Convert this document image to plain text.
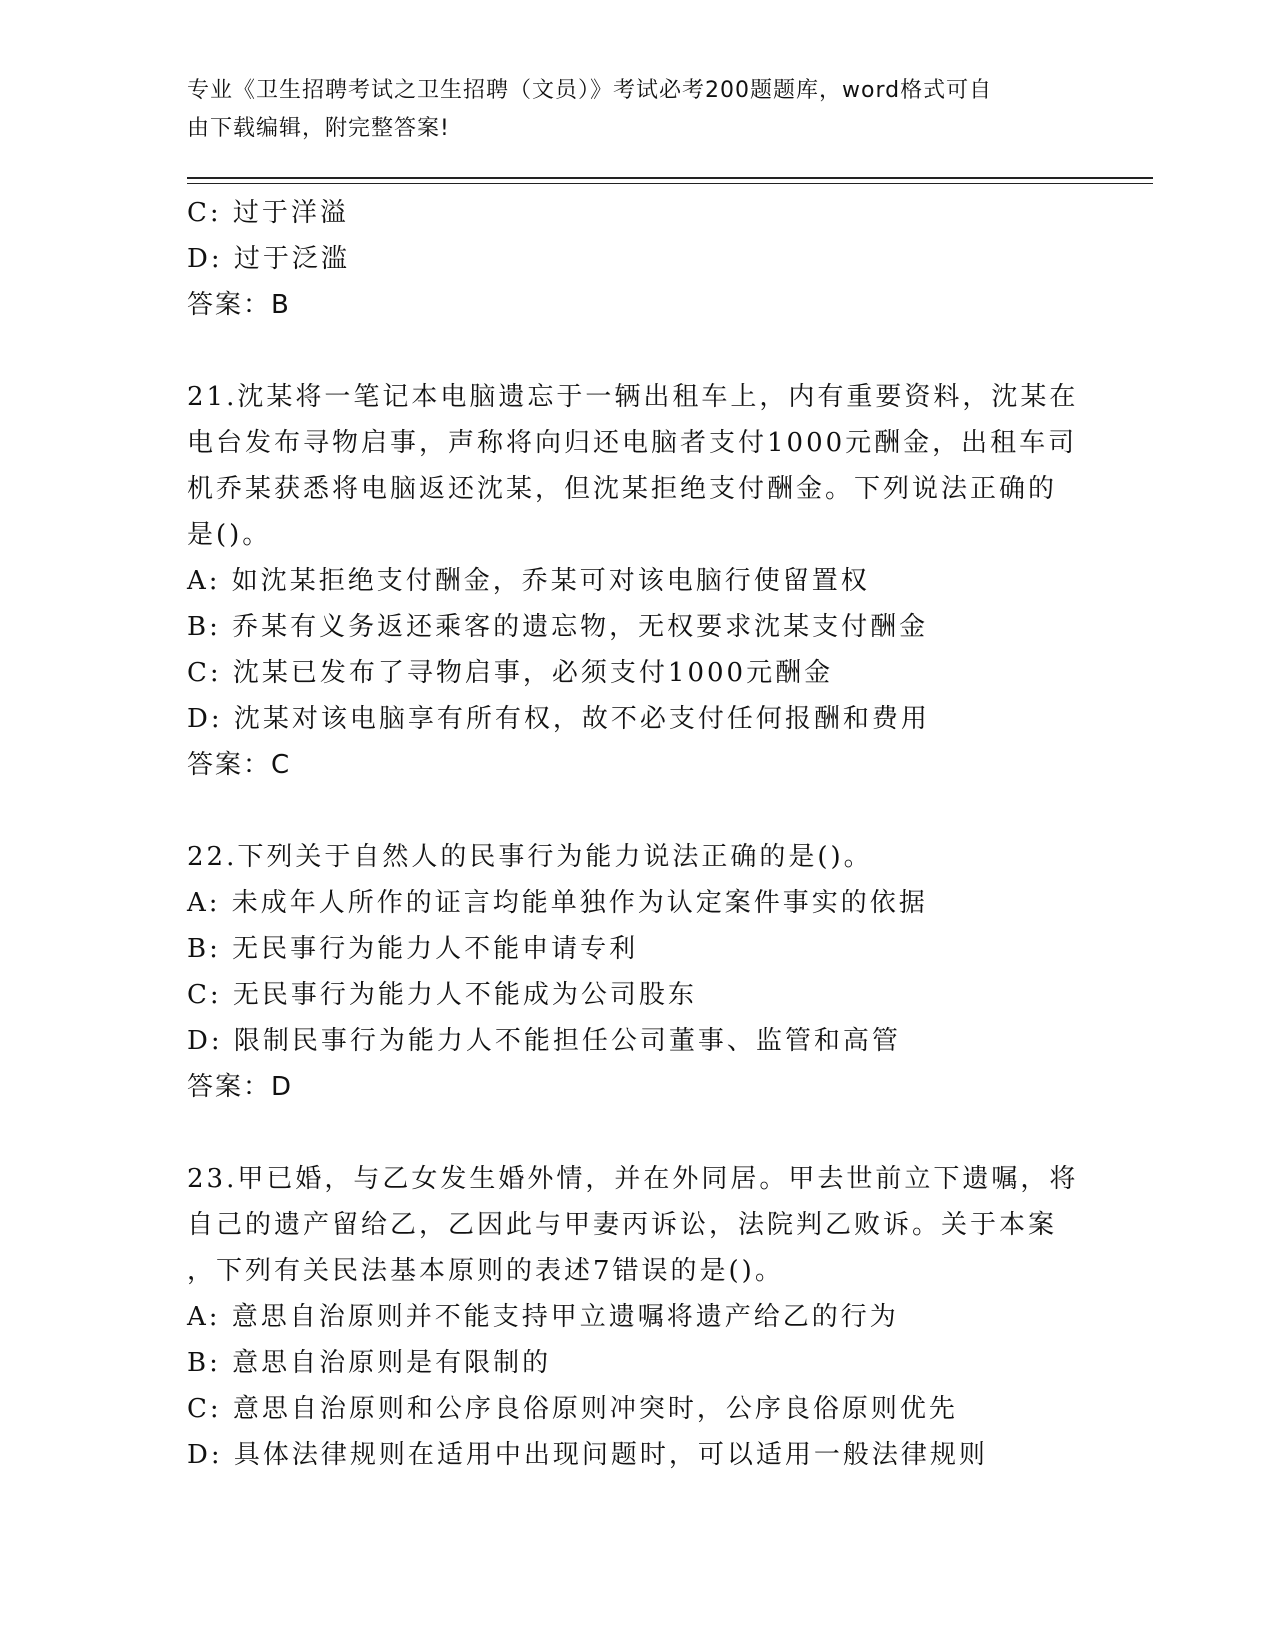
专业《卫生招聘考试之卫生招聘（文员）》考试必考200题题库，word格式可自
由下载编辑，附完整答案!
C: 过于洋溢
D: 过于泛滥
答案：B
21.沈某将一笔记本电脑遗忘于一辆出租车上，内有重要资料，沈某在
电台发布寻物启事，声称将向归还电脑者支付1000元酬金，出租车司
机乔某获悉将电脑返还沈某，但沈某拒绝支付酬金。下列说法正确的
是()。
A: 如沈某拒绝支付酬金，乔某可对该电脑行使留置权
B: 乔某有义务返还乘客的遗忘物，无权要求沈某支付酬金
C: 沈某已发布了寻物启事，必须支付1000元酬金
D: 沈某对该电脑享有所有权，故不必支付任何报酬和费用
答案：C
22.下列关于自然人的民事行为能力说法正确的是()。
A: 未成年人所作的证言均能单独作为认定案件事实的依据
B: 无民事行为能力人不能申请专利
C: 无民事行为能力人不能成为公司股东
D: 限制民事行为能力人不能担任公司董事、监管和高管
答案：D
23.甲已婚，与乙女发生婚外情，并在外同居。甲去世前立下遗嘱，将
自己的遗产留给乙，乙因此与甲妻丙诉讼，法院判乙败诉。关于本案
，下列有关民法基本原则的表述7错误的是()。
A: 意思自治原则并不能支持甲立遗嘱将遗产给乙的行为
B: 意思自治原则是有限制的
C: 意思自治原则和公序良俗原则冲突时，公序良俗原则优先
D: 具体法律规则在适用中出现问题时，可以适用一般法律规则
